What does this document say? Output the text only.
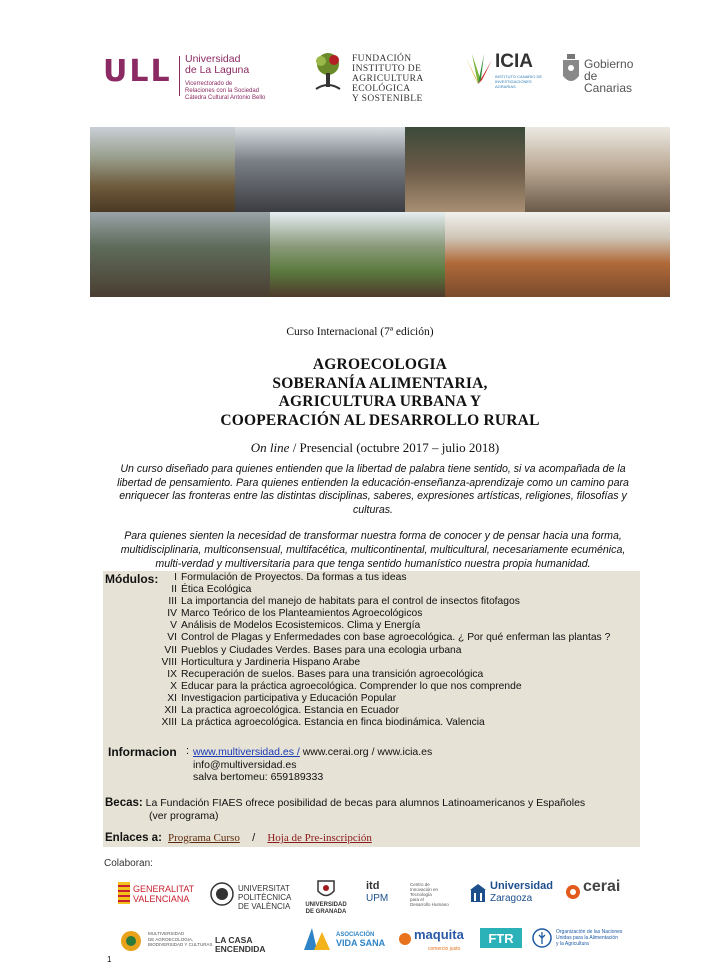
ULL Universidad
de La Laguna
Vicerrectorado de
Relaciones con la Sociedad
Cátedra Cultural Antonio Bello
FUNDACIÓN
INSTITUTO DE
AGRICULTURA
ECOLÓGICA
Y SOSTENIBLE
ICIA
INSTITUTO CANARIO DE INVESTIGACIONES AGRARIAS
Gobierno
de Canarias
Curso Internacional (7ª edición)
AGROECOLOGIA
SOBERANÍA ALIMENTARIA,
AGRICULTURA URBANA Y
COOPERACIÓN AL DESARROLLO RURAL
On line / Presencial (octubre 2017 – julio 2018)

Un curso diseñado para quienes entienden que la libertad de palabra tiene sentido, si va acompañada de la libertad de pensamiento. Para quienes entienden la educación-enseñanza-aprendizaje como un camino para enriquecer las fronteras entre las distintas disciplinas, saberes, expresiones artísticas, religiones, filosofías y culturas.

Para quienes sienten la necesidad de transformar nuestra forma de conocer y de pensar hacia una forma, multidisciplinaria, multiconsensual, multifacética, multicontinental, multicultural, necesariamente ecuménica, multi-verdad y multiversitaria para que tenga sentido humanístico nuestra propia humanidad.

Módulos: I Formulación de Proyectos. Da formas a tus ideas
II Ética Ecológica
III La importancia del manejo de habitats para el control de insectos fitofagos
IV Marco Teórico de los Planteamientos Agroecológicos
V Análisis de Modelos Ecosistemicos. Clima y Energía
VI Control de Plagas y Enfermedades con base agroecológica. ¿ Por qué enferman las plantas ?
VII Pueblos y Ciudades Verdes. Bases para una ecologia urbana
VIII Horticultura y Jardineria Hispano Arabe
IX Recuperación de suelos. Bases para una transición agroecológica
X Educar para la práctica agroecológica. Comprender lo que nos comprende
XI Investigacion participativa y Educación Popular
XII La practica agroecológica. Estancia en Ecuador
XIII La práctica agroecológica. Estancia en finca biodinámica. Valencia
Informacion : www.multiversidad.es / www.cerai.org / www.icia.es
info@multiversidad.es
salva bertomeu: 659189333
Becas: La Fundación FIAES ofrece posibilidad de becas para alumnos Latinoamericanos y Españoles
(ver programa)
Enlaces a: Programa Curso / Hoja de Pre-inscripción
Colaboran:
GENERALITAT
VALENCIANA
UNIVERSITAT
POLITÈCNICA
DE VALÈNCIA	UNIVERSIDAD
DE GRANADA
itd
UPM
Centro de
Innovación en
Tecnología
para el
Desarrollo Humano
Universidad
Zaragoza
cerai
MULTIVERSIDAD
DE AGROECOLOGIA,
BIODIVERSIDAD Y CULTURAS LA CASA ENCENDIDA
ASOCIACIÓN
VIDA SANA
maquita
comercio justo
FTR	Organización de las Naciones
Unidas para la Alimentación
y la Agricultura
1
